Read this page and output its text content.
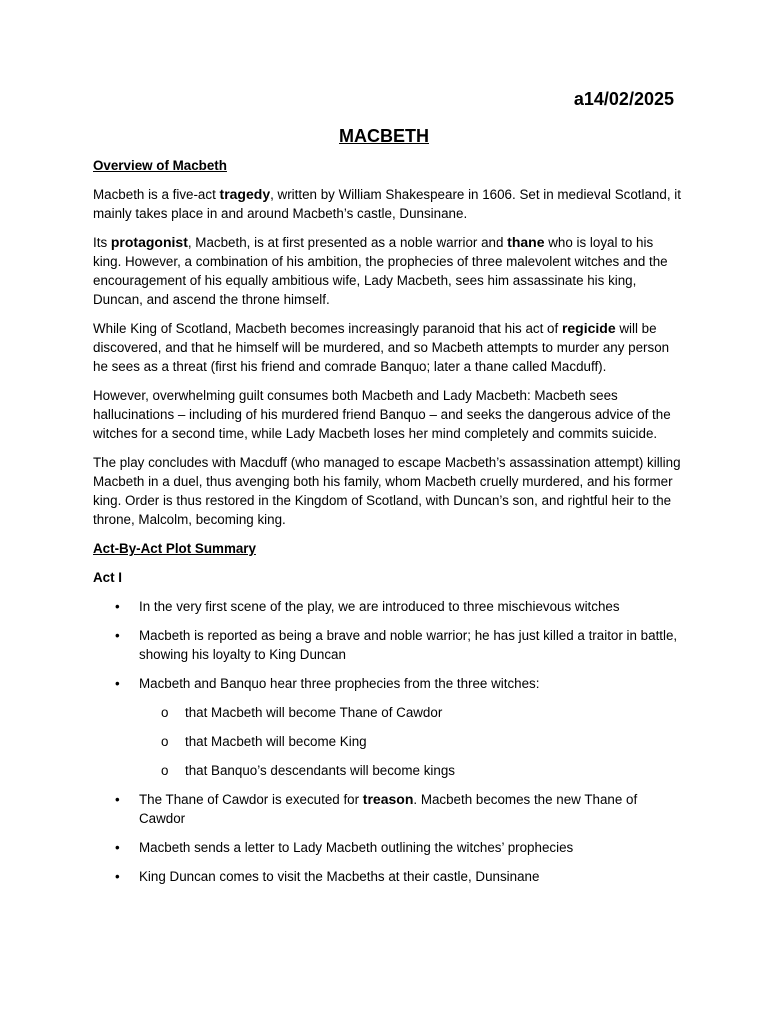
a14/02/2025
MACBETH
Overview of Macbeth

Macbeth is a five-act tragedy, written by William Shakespeare in 1606. Set in medieval Scotland, it mainly takes place in and around Macbeth’s castle, Dunsinane.

Its protagonist, Macbeth, is at first presented as a noble warrior and thane who is loyal to his king. However, a combination of his ambition, the prophecies of three malevolent witches and the encouragement of his equally ambitious wife, Lady Macbeth, sees him assassinate his king, Duncan, and ascend the throne himself.

While King of Scotland, Macbeth becomes increasingly paranoid that his act of regicide will be discovered, and that he himself will be murdered, and so Macbeth attempts to murder any person he sees as a threat (first his friend and comrade Banquo; later a thane called Macduff).

However, overwhelming guilt consumes both Macbeth and Lady Macbeth: Macbeth sees hallucinations – including of his murdered friend Banquo – and seeks the dangerous advice of the witches for a second time, while Lady Macbeth loses her mind completely and commits suicide.

The play concludes with Macduff (who managed to escape Macbeth’s assassination attempt) killing Macbeth in a duel, thus avenging both his family, whom Macbeth cruelly murdered, and his former king. Order is thus restored in the Kingdom of Scotland, with Duncan’s son, and rightful heir to the throne, Malcolm, becoming king.

Act-By-Act Plot Summary
Act I
• In the very first scene of the play, we are introduced to three mischievous witches
• Macbeth is reported as being a brave and noble warrior; he has just killed a traitor in battle, showing his loyalty to King Duncan
• Macbeth and Banquo hear three prophecies from the three witches:
o that Macbeth will become Thane of Cawdor
o that Macbeth will become King
o that Banquo’s descendants will become kings
• The Thane of Cawdor is executed for treason. Macbeth becomes the new Thane of Cawdor
• Macbeth sends a letter to Lady Macbeth outlining the witches’ prophecies
• King Duncan comes to visit the Macbeths at their castle, Dunsinane
